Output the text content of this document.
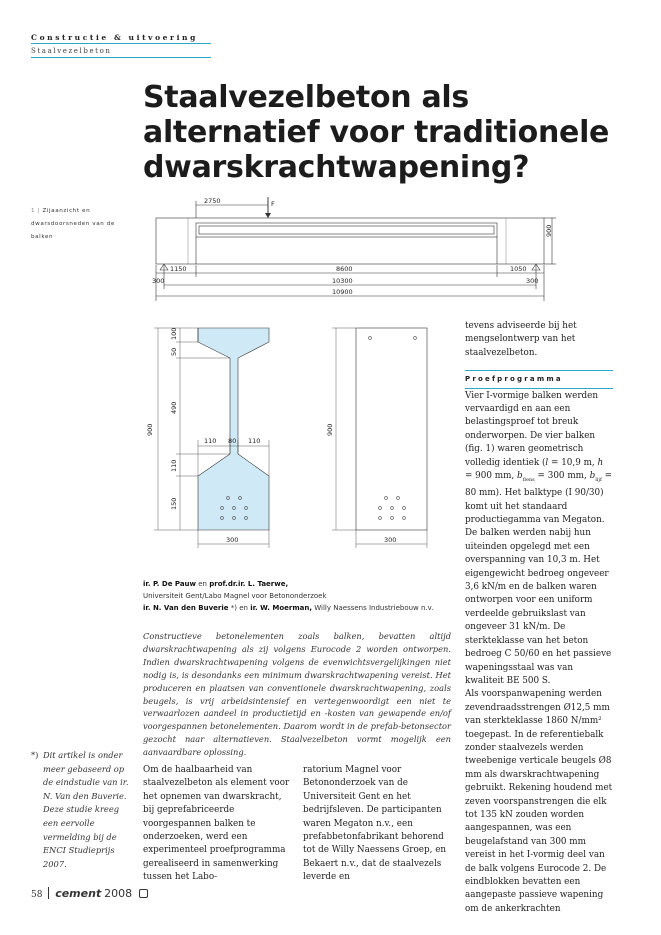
Constructie & uitvoering
Staalvezelbeton
Staalvezelbeton als alternatief voor traditionele dwarskrachtwapening?
1 | Zijaanzicht en dwarsdoorsneden van de balken
2750	F
900
1150	8600	1050
300	300
10300
10900
900
100
50
490
110
150
110 80 110
300
900
300
ir. P. De Pauw en prof.dr.ir. L. Taerwe,
Universiteit Gent/Labo Magnel voor Betononderzoek
ir. N. Van den Buverie *) en ir. W. Moerman, Willy Naessens Industriebouw n.v.
Constructieve betonelementen zoals balken, bevatten altijd dwarskrachtwapening als zij volgens Eurocode 2 worden ontworpen. Indien dwarskrachtwapening volgens de evenwichtsvergelijkingen niet nodig is, is desondanks een minimum dwarskrachtwapening vereist. Het produceren en plaatsen van conventionele dwarskrachtwapening, zoals beugels, is vrij arbeidsintensief en vertegenwoordigt een niet te verwaarlozen aandeel in productietijd en -kosten van gewapende en/of voorgespannen betonelementen. Daarom wordt in de prefab-betonsector gezocht naar alternatieven. Staalvezelbeton vormt mogelijk een aanvaardbare oplossing.
Om de haalbaarheid van staalvezelbeton als element voor het opnemen van dwarskracht, bij geprefabriceerde voorgespannen balken te onderzoeken, werd een experimenteel proefprogramma gerealiseerd in samenwerking tussen het Labo-
ratorium Magnel voor Betononderzoek van de Universiteit Gent en het bedrijfsleven. De participanten waren Megaton n.v., een prefabbetonfabrikant behorend tot de Willy Naessens Groep, en Bekaert n.v., dat de staalvezels leverde en
tevens adviseerde bij het mengselontwerp van het staalvezelbeton.
Proefprogramma
Vier I-vormige balken werden vervaardigd en aan een belastingsproef tot breuk onderworpen. De vier balken (fig. 1) waren geometrisch volledig identiek (l = 10,9 m, h = 900 mm, $b_{flens} = 300$ mm, $b_{lijf} = 80$ mm). Het balktype (I 90/30) komt uit het standaard productiegamma van Megaton.
De balken werden nabij hun uiteinden opgelegd met een overspanning van 10,3 m. Het eigengewicht bedroeg ongeveer 3,6 kN/m en de balken waren ontworpen voor een uniform verdeelde gebruikslast van ongeveer 31 kN/m. De sterkteklasse van het beton bedroeg C 50/60 en het passieve wapeningsstaal was van kwaliteit BE 500 S.
Als voorspanwapening werden zevendraadsstrengen Ø12,5 mm van sterkteklasse 1860 N/mm² toegepast. In de referentiebalk zonder staalvezels werden tweebenige verticale beugels Ø8 mm als dwarskrachtwapening gebruikt. Rekening houdend met zeven voorspanstrengen die elk tot 135 kN zouden worden aangespannen, was een beugelafstand van 300 mm vereist in het I-vormig deel van de balk volgens Eurocode 2. De eindblokken bevatten een aangepaste passieve wapening om de ankerkrachten
*) Dit artikel is onder meer gebaseerd op de eindstudie van ir. N. Van den Buverie. Deze studie kreeg een eervolle vermelding bij de ENCI Studieprijs 2007.
58 cement 2008
